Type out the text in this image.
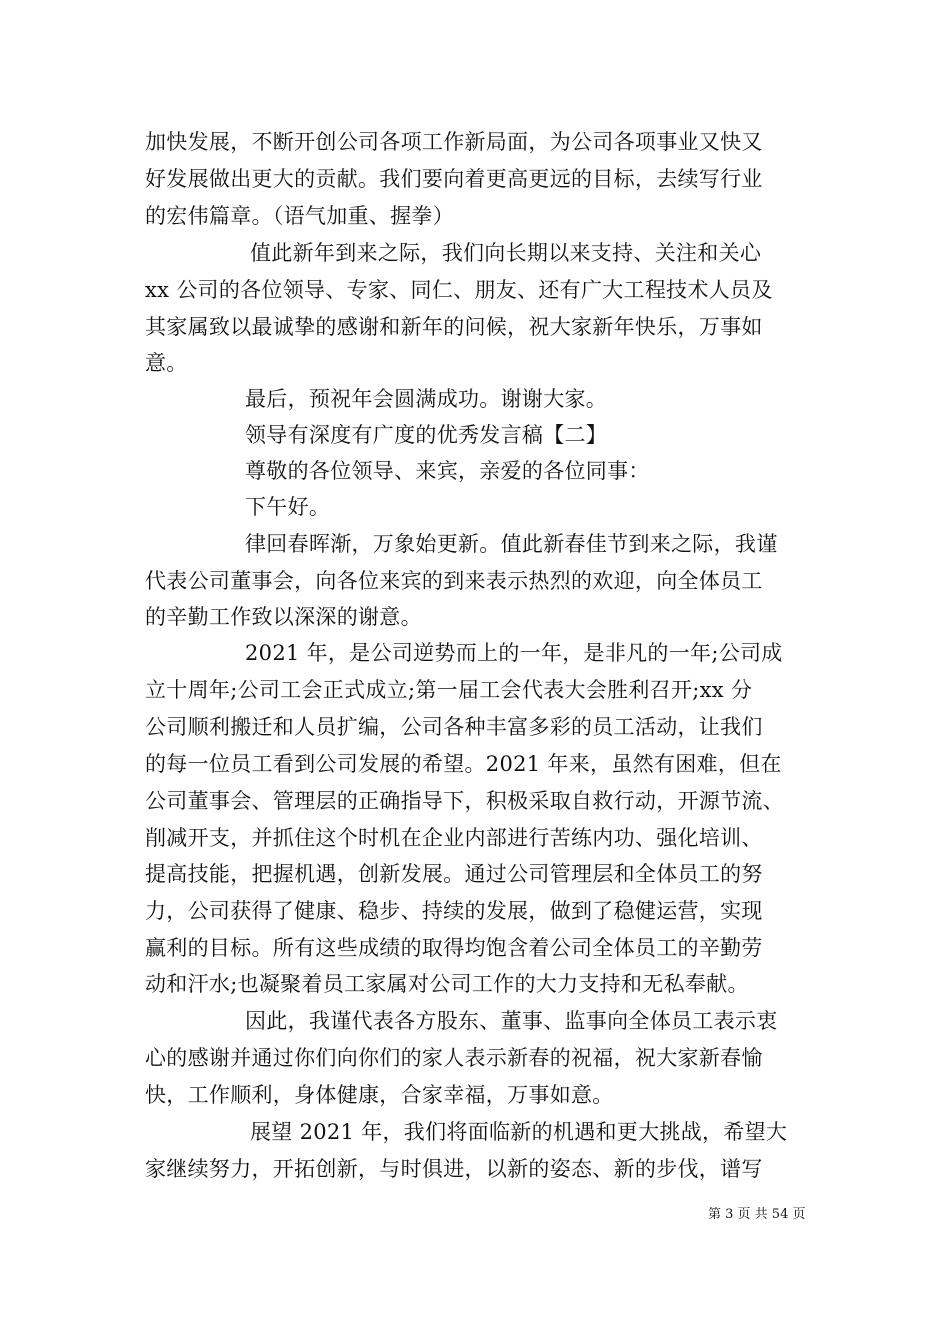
加快发展，不断开创公司各项工作新局面，为公司各项事业又快又
好发展做出更大的贡献。我们要向着更高更远的目标，去续写行业
的宏伟篇章。（语气加重、握拳）
值此新年到来之际，我们向长期以来支持、关注和关心
xx 公司的各位领导、专家、同仁、朋友、还有广大工程技术人员及
其家属致以最诚挚的感谢和新年的问候，祝大家新年快乐，万事如
意。
最后，预祝年会圆满成功。谢谢大家。
领导有深度有广度的优秀发言稿【二】
尊敬的各位领导、来宾，亲爱的各位同事：
下午好。
律回春晖渐，万象始更新。值此新春佳节到来之际，我谨
代表公司董事会，向各位来宾的到来表示热烈的欢迎，向全体员工
的辛勤工作致以深深的谢意。
2021 年，是公司逆势而上的一年，是非凡的一年;公司成
立十周年;公司工会正式成立;第一届工会代表大会胜利召开;xx 分
公司顺利搬迁和人员扩编，公司各种丰富多彩的员工活动，让我们
的每一位员工看到公司发展的希望。2021 年来，虽然有困难，但在
公司董事会、管理层的正确指导下，积极采取自救行动，开源节流、
削减开支，并抓住这个时机在企业内部进行苦练内功、强化培训、
提高技能，把握机遇，创新发展。通过公司管理层和全体员工的努
力，公司获得了健康、稳步、持续的发展，做到了稳健运营，实现
赢利的目标。所有这些成绩的取得均饱含着公司全体员工的辛勤劳
动和汗水;也凝聚着员工家属对公司工作的大力支持和无私奉献。
因此，我谨代表各方股东、董事、监事向全体员工表示衷
心的感谢并通过你们向你们的家人表示新春的祝福，祝大家新春愉
快，工作顺利，身体健康，合家幸福，万事如意。
展望 2021 年，我们将面临新的机遇和更大挑战，希望大
家继续努力，开拓创新，与时俱进，以新的姿态、新的步伐，谱写
第 3 页 共 54 页
